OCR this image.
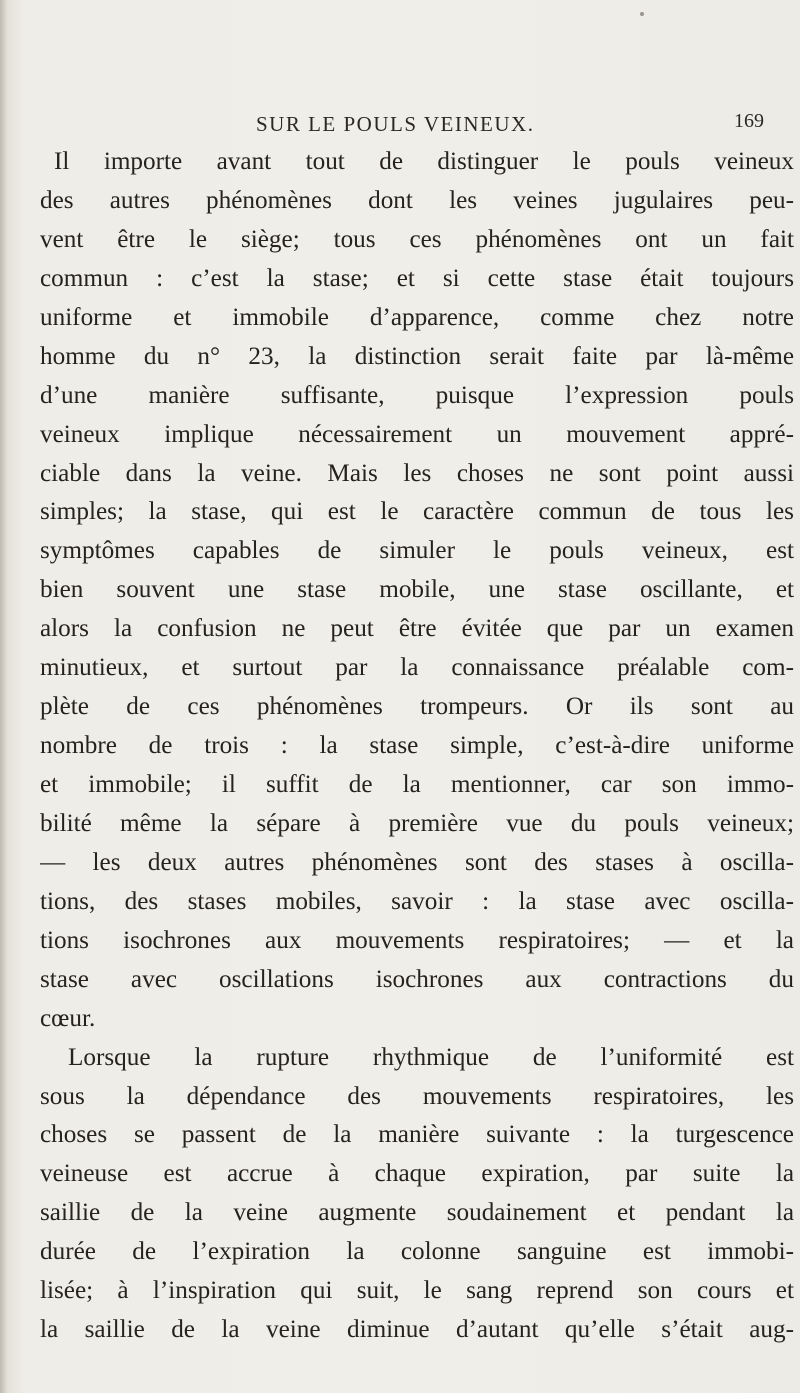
SUR LE POULS VEINEUX.	169
Il importe avant tout de distinguer le pouls veineux
des autres phénomènes dont les veines jugulaires peu-
vent être le siège; tous ces phénomènes ont un fait
commun : c’est la stase; et si cette stase était toujours
uniforme et immobile d’apparence, comme chez notre
homme du n° 23, la distinction serait faite par là-même
d’une manière suffisante, puisque l’expression pouls
veineux implique nécessairement un mouvement appré-
ciable dans la veine. Mais les choses ne sont point aussi
simples; la stase, qui est le caractère commun de tous les
symptômes capables de simuler le pouls veineux, est
bien souvent une stase mobile, une stase oscillante, et
alors la confusion ne peut être évitée que par un examen
minutieux, et surtout par la connaissance préalable com-
plète de ces phénomènes trompeurs. Or ils sont au
nombre de trois : la stase simple, c’est-à-dire uniforme
et immobile; il suffit de la mentionner, car son immo-
bilité même la sépare à première vue du pouls veineux;
— les deux autres phénomènes sont des stases à oscilla-
tions, des stases mobiles, savoir : la stase avec oscilla-
tions isochrones aux mouvements respiratoires; — et la
stase avec oscillations isochrones aux contractions du
cœur.
Lorsque la rupture rhythmique de l’uniformité est
sous la dépendance des mouvements respiratoires, les
choses se passent de la manière suivante : la turgescence
veineuse est accrue à chaque expiration, par suite la
saillie de la veine augmente soudainement et pendant la
durée de l’expiration la colonne sanguine est immobi-
lisée; à l’inspiration qui suit, le sang reprend son cours et
la saillie de la veine diminue d’autant qu’elle s’était aug-
